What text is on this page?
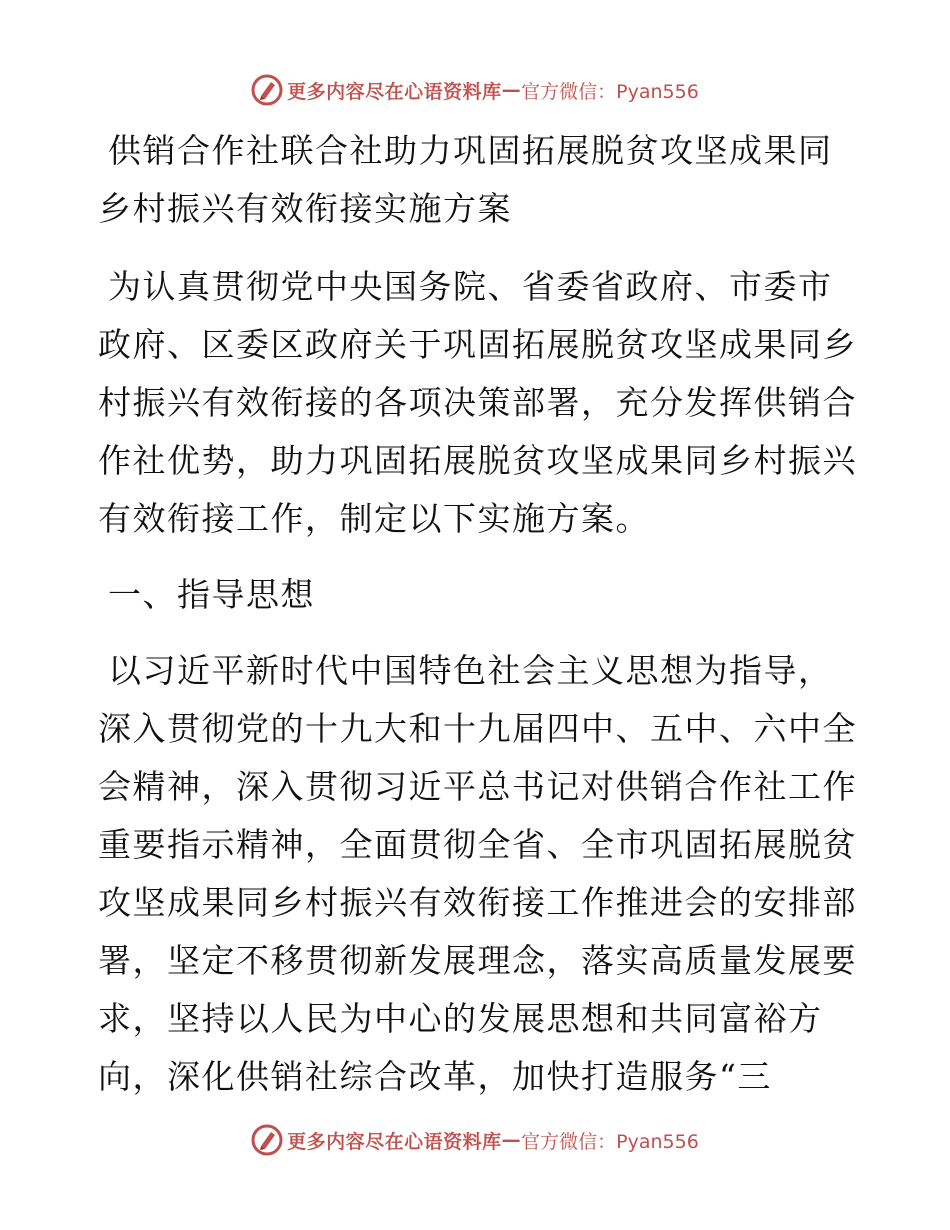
更多内容尽在心语资料库 — 官方微信：Pyan556
供销合作社联合社助力巩固拓展脱贫攻坚成果同
乡村振兴有效衔接实施方案
为认真贯彻党中央国务院、省委省政府、市委市
政府、区委区政府关于巩固拓展脱贫攻坚成果同乡
村振兴有效衔接的各项决策部署，充分发挥供销合
作社优势，助力巩固拓展脱贫攻坚成果同乡村振兴
有效衔接工作，制定以下实施方案。
一、指导思想
以习近平新时代中国特色社会主义思想为指导，
深入贯彻党的十九大和十九届四中、五中、六中全
会精神，深入贯彻习近平总书记对供销合作社工作
重要指示精神，全面贯彻全省、全市巩固拓展脱贫
攻坚成果同乡村振兴有效衔接工作推进会的安排部
署，坚定不移贯彻新发展理念，落实高质量发展要
求，坚持以人民为中心的发展思想和共同富裕方
向，深化供销社综合改革，加快打造服务“三
更多内容尽在心语资料库 — 官方微信：Pyan556
